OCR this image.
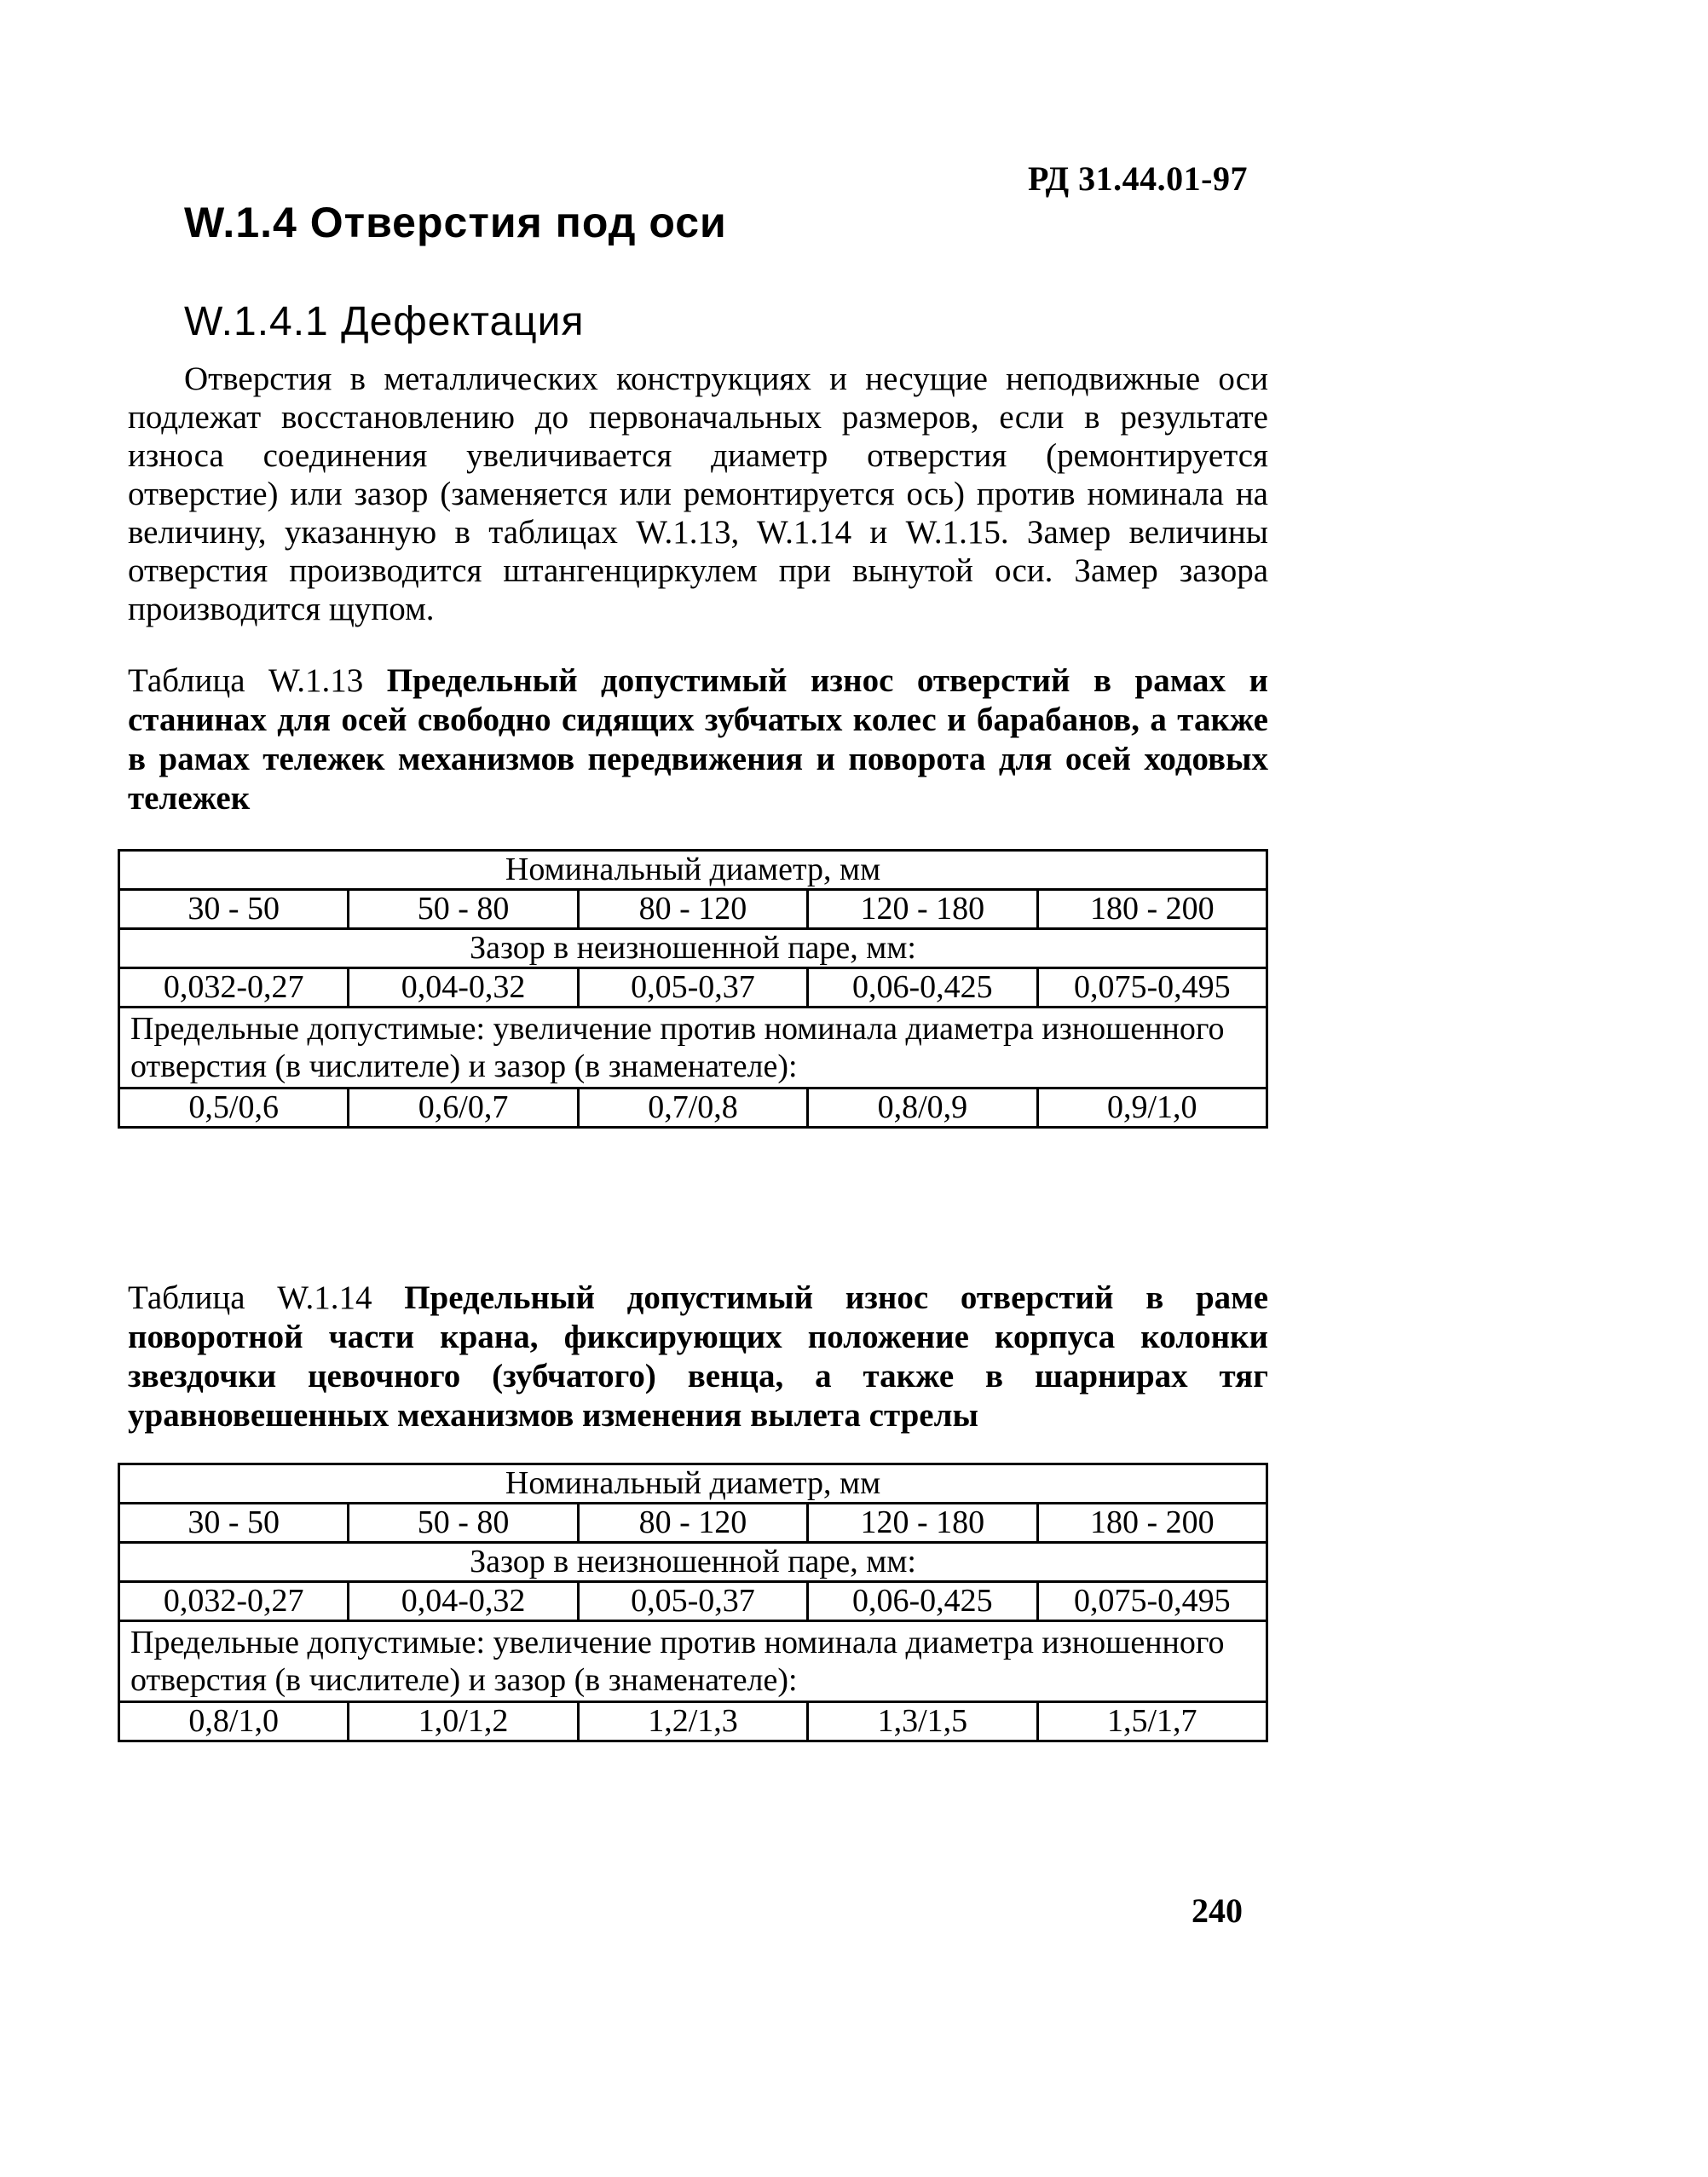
РД 31.44.01-97
W.1.4 Отверстия под оси
W.1.4.1 Дефектация

Отверстия в металлических конструкциях и несущие неподвижные оси подлежат восстановлению до первоначальных размеров, если в результате износа соединения увеличивается диаметр отверстия (ремонтируется отверстие) или зазор (заменяется или ремонтируется ось) против номинала на величину, указанную в таблицах W.1.13, W.1.14 и W.1.15. Замер величины отверстия производится штангенциркулем при вынутой оси. Замер зазора производится щупом.

Таблица W.1.13 Предельный допустимый износ отверстий в рамах и станинах для осей свободно сидящих зубчатых колес и барабанов, а также в рамах тележек механизмов передвижения и поворота для осей ходовых тележек
Номинальный диаметр, мм				
30 - 50	50 - 80	80 - 120	120 - 180	180 - 200
Зазор в неизношенной паре, мм:				
0,032-0,27	0,04-0,32	0,05-0,37	0,06-0,425	0,075-0,495
Предельные допустимые: увеличение против номинала диаметра изношенного отверстия (в числителе) и зазор (в знаменателе):				
0,5/0,6	0,6/0,7	0,7/0,8	0,8/0,9	0,9/1,0
Таблица W.1.14 Предельный допустимый износ отверстий в раме поворотной части крана, фиксирующих положение корпуса колонки звездочки цевочного (зубчатого) венца, а также в шарнирах тяг уравновешенных механизмов изменения вылета стрелы
Номинальный диаметр, мм				
30 - 50	50 - 80	80 - 120	120 - 180	180 - 200
Зазор в неизношенной паре, мм:				
0,032-0,27	0,04-0,32	0,05-0,37	0,06-0,425	0,075-0,495
Предельные допустимые: увеличение против номинала диаметра изношенного отверстия (в числителе) и зазор (в знаменателе):				
0,8/1,0	1,0/1,2	1,2/1,3	1,3/1,5	1,5/1,7
240
